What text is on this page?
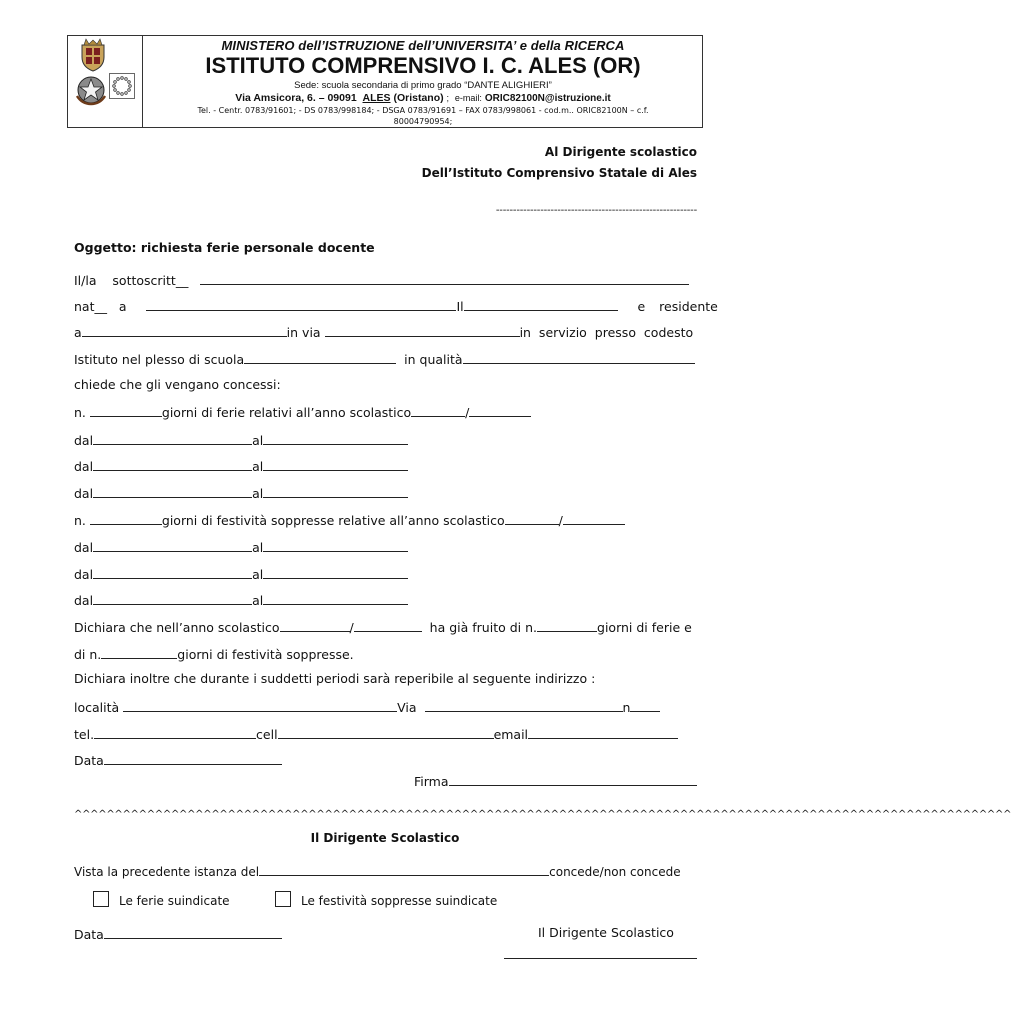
MINISTERO dell’ISTRUZIONE dell’UNIVERSITA’ e della RICERCA
ISTITUTO COMPRENSIVO I. C. ALES (OR)
Sede: scuola secondaria di primo grado “DANTE ALIGHIERI”
Via Amsicora, 6. – 09091 ALES (Oristano) ; e-mail: ORIC82100N@istruzione.it
Tel. - Centr. 0783/91601; - DS 0783/998184; - DSGA 0783/91691 – FAX 0783/998061 - cod.m.. ORIC82100N – c.f. 80004790954;
Al Dirigente scolastico
Dell’Istituto Comprensivo Statale di Ales
-----------------------------------------------------------
Oggetto: richiesta ferie personale docente
Il/la sottoscritt__
nat__ a	Il	e residente
a	in via	in servizio presso codesto
Istituto nel plesso di scuola	in qualità
chiede che gli vengano concessi:
n.	giorni di ferie relativi all’anno scolastico	/
dal	al
dal	al
dal	al
n.	giorni di festività soppresse relative all’anno scolastico	/
dal	al
dal	al
dal	al
Dichiara che nell’anno scolastico	/	ha già fruito di n.	giorni di ferie e
di n.	giorni di festività soppresse.
Dichiara inoltre che durante i suddetti periodi sarà reperibile al seguente indirizzo :
località	Via	n
tel.	cell	email
Data
Firma
^^^^^^^^^^^^^^^^^^^^^^^^^^^^^^^^^^^^^^^^^^^^^^^^^^^^^^^^^^^^^^^^^^^^^^^^^^^^^^^^^^^^^^^^^^^^^^^^^^^^^^^^^^^^^^^^^^^^
Il Dirigente Scolastico
Vista la precedente istanza del	concede/non concede
Le ferie suindicate	Le festività soppresse suindicate
Data	Il Dirigente Scolastico
